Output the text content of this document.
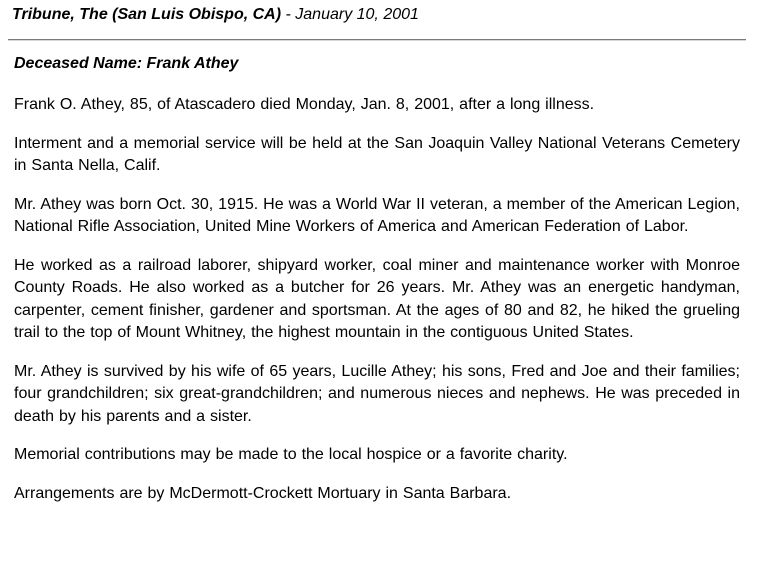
Tribune, The (San Luis Obispo, CA) - January 10, 2001
Deceased Name: Frank Athey

Frank O. Athey, 85, of Atascadero died Monday, Jan. 8, 2001, after a long illness.

Interment and a memorial service will be held at the San Joaquin Valley National Veterans Cemetery in Santa Nella, Calif.

Mr. Athey was born Oct. 30, 1915. He was a World War II veteran, a member of the American Legion, National Rifle Association, United Mine Workers of America and American Federation of Labor.

He worked as a railroad laborer, shipyard worker, coal miner and maintenance worker with Monroe County Roads. He also worked as a butcher for 26 years. Mr. Athey was an energetic handyman, carpenter, cement finisher, gardener and sportsman. At the ages of 80 and 82, he hiked the grueling trail to the top of Mount Whitney, the highest mountain in the contiguous United States.

Mr. Athey is survived by his wife of 65 years, Lucille Athey; his sons, Fred and Joe and their families; four grandchildren; six great-grandchildren; and numerous nieces and nephews. He was preceded in death by his parents and a sister.

Memorial contributions may be made to the local hospice or a favorite charity.

Arrangements are by McDermott-Crockett Mortuary in Santa Barbara.
